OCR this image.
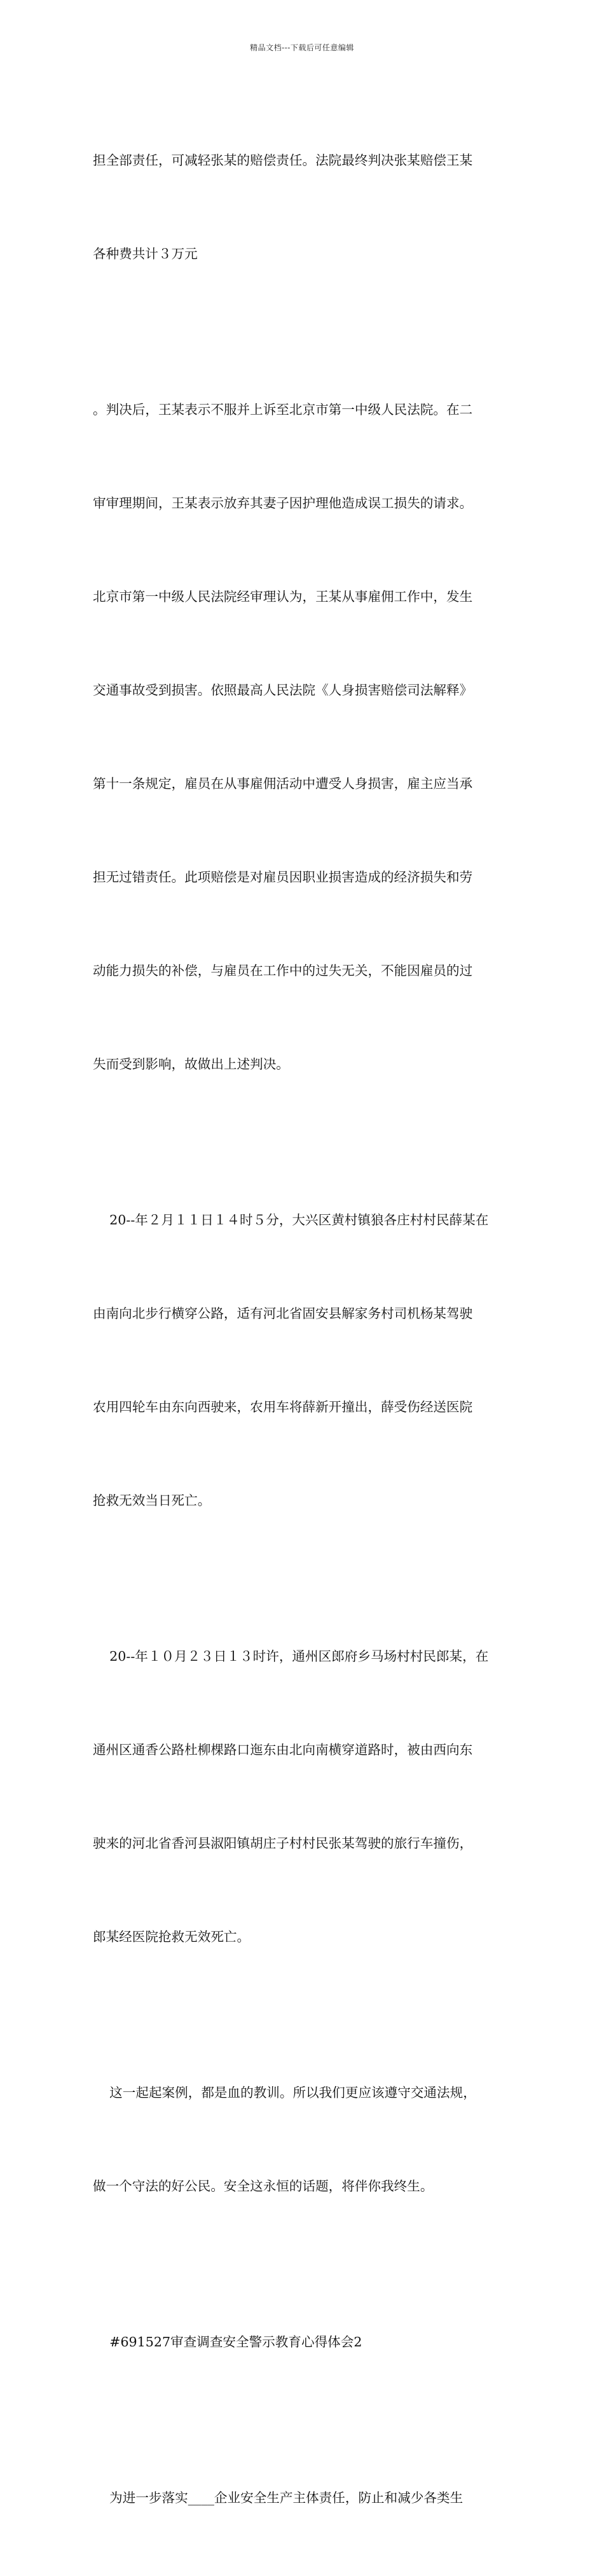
精品文档---下载后可任意编辑

担全部责任，可减轻张某的赔偿责任。法院最终判决张某赔偿王某

各种费共计３万元

。判决后，王某表示不服并上诉至北京市第一中级人民法院。在二

审审理期间，王某表示放弃其妻子因护理他造成误工损失的请求。

北京市第一中级人民法院经审理认为，王某从事雇佣工作中，发生

交通事故受到损害。依照最高人民法院《人身损害赔偿司法解释》

第十一条规定，雇员在从事雇佣活动中遭受人身损害，雇主应当承

担无过错责任。此项赔偿是对雇员因职业损害造成的经济损失和劳

动能力损失的补偿，与雇员在工作中的过失无关，不能因雇员的过

失而受到影响，故做出上述判决。

20--年２月１１日１４时５分，大兴区黄村镇狼各庄村村民薛某在

由南向北步行横穿公路，适有河北省固安县解家务村司机杨某驾驶

农用四轮车由东向西驶来，农用车将薛新开撞出，薛受伤经送医院

抢救无效当日死亡。

20--年１０月２３日１３时许，通州区郎府乡马场村村民郎某，在

通州区通香公路杜柳棵路口迤东由北向南横穿道路时，被由西向东

驶来的河北省香河县淑阳镇胡庄子村村民张某驾驶的旅行车撞伤，

郎某经医院抢救无效死亡。

这一起起案例，都是血的教训。所以我们更应该遵守交通法规，

做一个守法的好公民。安全这永恒的话题，将伴你我终生。

#691527审查调查安全警示教育心得体会2

为进一步落实____企业安全生产主体责任，防止和减少各类生
